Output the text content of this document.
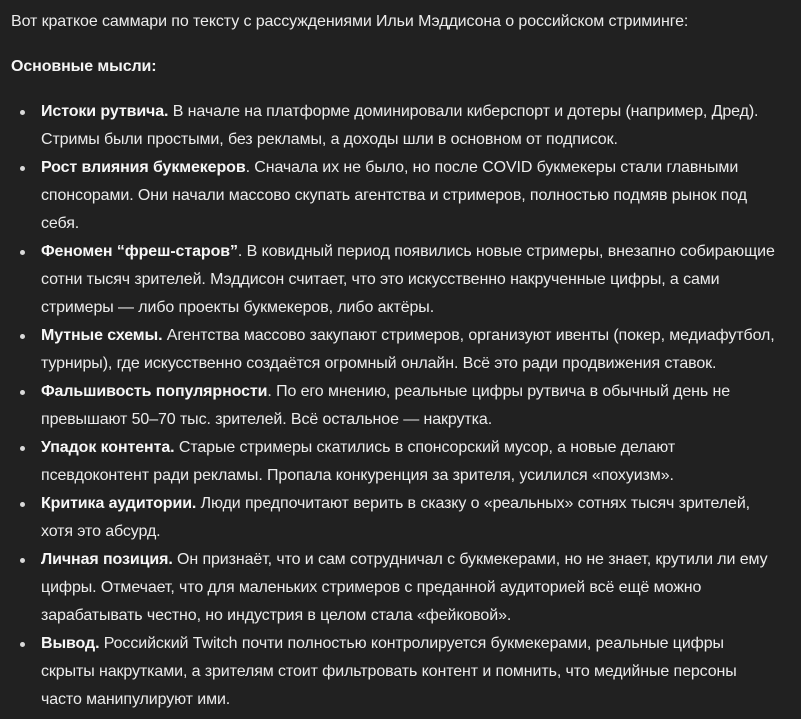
Вот краткое саммари по тексту с рассуждениями Ильи Мэддисона о российском стриминге:

Основные мысли:

Истоки рутвича. В начале на платформе доминировали киберспорт и дотеры (например, Дред). Стримы были простыми, без рекламы, а доходы шли в основном от подписок.
Рост влияния букмекеров. Сначала их не было, но после COVID букмекеры стали главными спонсорами. Они начали массово скупать агентства и стримеров, полностью подмяв рынок под себя.
Феномен “фреш-старов”. В ковидный период появились новые стримеры, внезапно собирающие сотни тысяч зрителей. Мэддисон считает, что это искусственно накрученные цифры, а сами стримеры — либо проекты букмекеров, либо актёры.
Мутные схемы. Агентства массово закупают стримеров, организуют ивенты (покер, медиафутбол, турниры), где искусственно создаётся огромный онлайн. Всё это ради продвижения ставок.
Фальшивость популярности. По его мнению, реальные цифры рутвича в обычный день не превышают 50–70 тыс. зрителей. Всё остальное — накрутка.
Упадок контента. Старые стримеры скатились в спонсорский мусор, а новые делают псевдоконтент ради рекламы. Пропала конкуренция за зрителя, усилился «похуизм».
Критика аудитории. Люди предпочитают верить в сказку о «реальных» сотнях тысяч зрителей, хотя это абсурд.
Личная позиция. Он признаёт, что и сам сотрудничал с букмекерами, но не знает, крутили ли ему цифры. Отмечает, что для маленьких стримеров с преданной аудиторией всё ещё можно зарабатывать честно, но индустрия в целом стала «фейковой».
Вывод. Российский Twitch почти полностью контролируется букмекерами, реальные цифры скрыты накрутками, а зрителям стоит фильтровать контент и помнить, что медийные персоны часто манипулируют ими.
